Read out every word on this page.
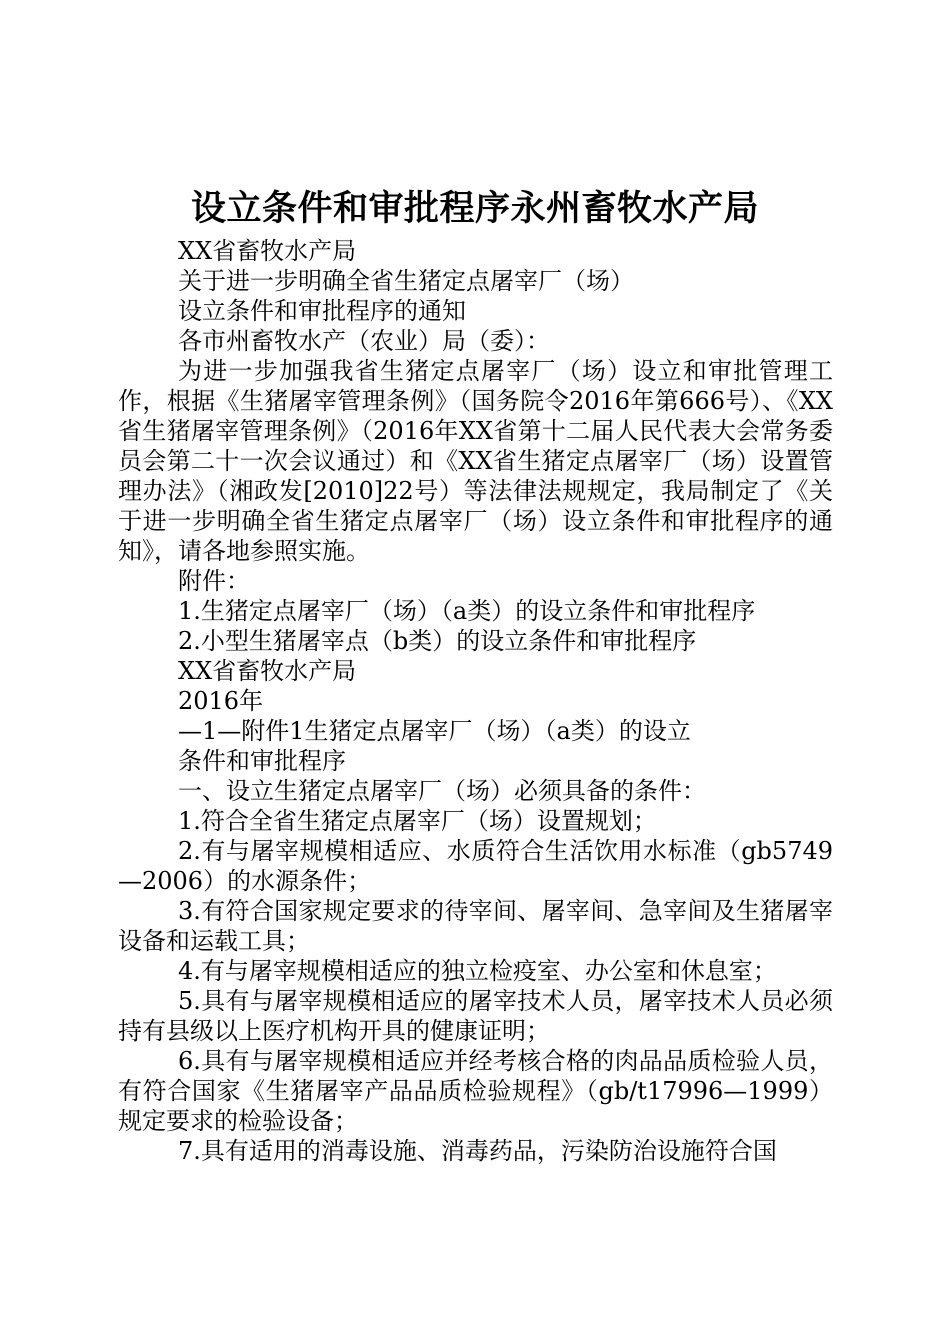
设立条件和审批程序永州畜牧水产局

XX省畜牧水产局

关于进一步明确全省生猪定点屠宰厂（场）

设立条件和审批程序的通知

各市州畜牧水产（农业）局（委）：

为进一步加强我省生猪定点屠宰厂（场）设立和审批管理工作，根据《生猪屠宰管理条例》（国务院令2016年第666号）、《XX省生猪屠宰管理条例》（2016年XX省第十二届人民代表大会常务委员会第二十一次会议通过）和《XX省生猪定点屠宰厂（场）设置管理办法》（湘政发[2010]22号）等法律法规规定，我局制定了《关于进一步明确全省生猪定点屠宰厂（场）设立条件和审批程序的通知》，请各地参照实施。

附件：

1.生猪定点屠宰厂（场）（a类）的设立条件和审批程序

2.小型生猪屠宰点（b类）的设立条件和审批程序

XX省畜牧水产局

2016年

—1—附件1生猪定点屠宰厂（场）（a类）的设立

条件和审批程序

一、设立生猪定点屠宰厂（场）必须具备的条件：

1.符合全省生猪定点屠宰厂（场）设置规划；

2.有与屠宰规模相适应、水质符合生活饮用水标准（gb5749—2006）的水源条件；

3.有符合国家规定要求的待宰间、屠宰间、急宰间及生猪屠宰设备和运载工具；

4.有与屠宰规模相适应的独立检疫室、办公室和休息室；

5.具有与屠宰规模相适应的屠宰技术人员，屠宰技术人员必须持有县级以上医疗机构开具的健康证明；

6.具有与屠宰规模相适应并经考核合格的肉品品质检验人员，有符合国家《生猪屠宰产品品质检验规程》（gb/t17996—1999）规定要求的检验设备；

7.具有适用的消毒设施、消毒药品，污染防治设施符合国
